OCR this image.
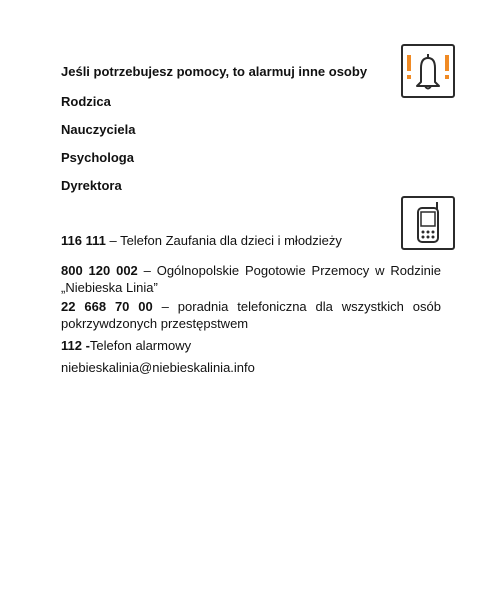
Jeśli potrzebujesz pomocy, to alarmuj inne osoby

Rodzica

Nauczyciela

Psychologa

Dyrektora

116 111 – Telefon Zaufania dla dzieci i młodzieży

800 120 002 – Ogólnopolskie Pogotowie Przemocy w Rodzinie „Niebieska Linia”

22 668 70 00 – poradnia telefoniczna dla wszystkich osób pokrzywdzonych przestępstwem

112 -Telefon alarmowy

niebieskalinia@niebieskalinia.info
